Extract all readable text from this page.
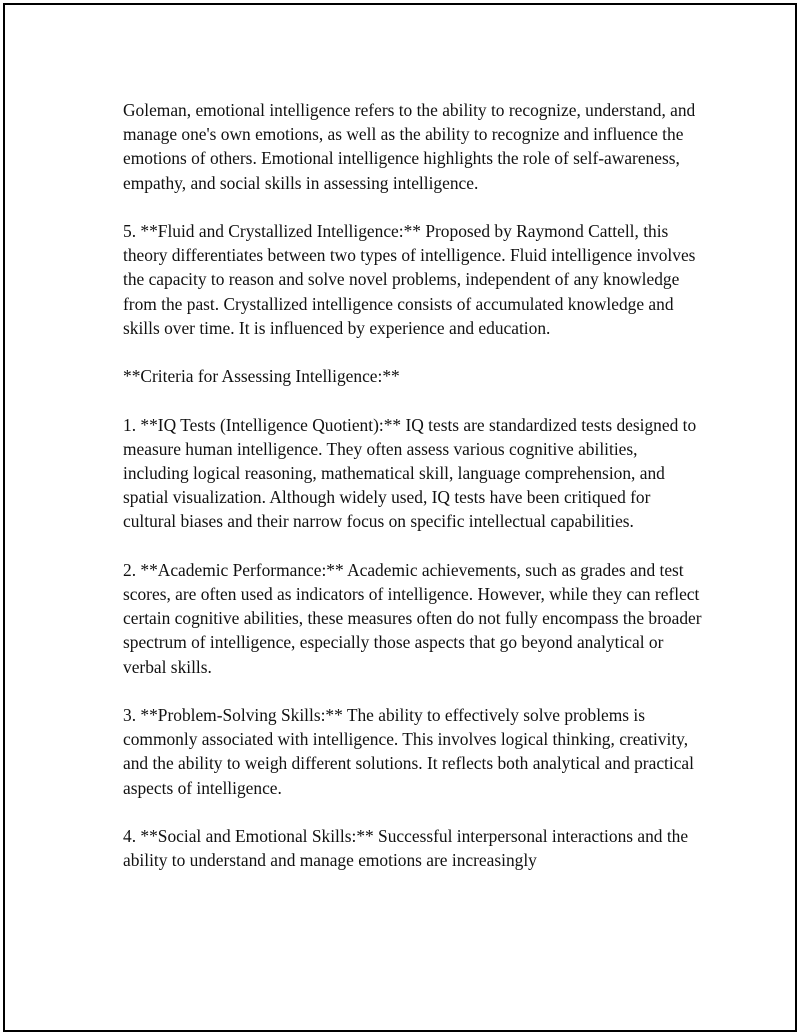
Goleman, emotional intelligence refers to the ability to recognize, understand, and manage one's own emotions, as well as the ability to recognize and influence the emotions of others. Emotional intelligence highlights the role of self-awareness, empathy, and social skills in assessing intelligence.

5. **Fluid and Crystallized Intelligence:** Proposed by Raymond Cattell, this theory differentiates between two types of intelligence. Fluid intelligence involves the capacity to reason and solve novel problems, independent of any knowledge from the past. Crystallized intelligence consists of accumulated knowledge and skills over time. It is influenced by experience and education.

**Criteria for Assessing Intelligence:**

1. **IQ Tests (Intelligence Quotient):** IQ tests are standardized tests designed to measure human intelligence. They often assess various cognitive abilities, including logical reasoning, mathematical skill, language comprehension, and spatial visualization. Although widely used, IQ tests have been critiqued for cultural biases and their narrow focus on specific intellectual capabilities.

2. **Academic Performance:** Academic achievements, such as grades and test scores, are often used as indicators of intelligence. However, while they can reflect certain cognitive abilities, these measures often do not fully encompass the broader spectrum of intelligence, especially those aspects that go beyond analytical or verbal skills.

3. **Problem-Solving Skills:** The ability to effectively solve problems is commonly associated with intelligence. This involves logical thinking, creativity, and the ability to weigh different solutions. It reflects both analytical and practical aspects of intelligence.

4. **Social and Emotional Skills:** Successful interpersonal interactions and the ability to understand and manage emotions are increasingly
